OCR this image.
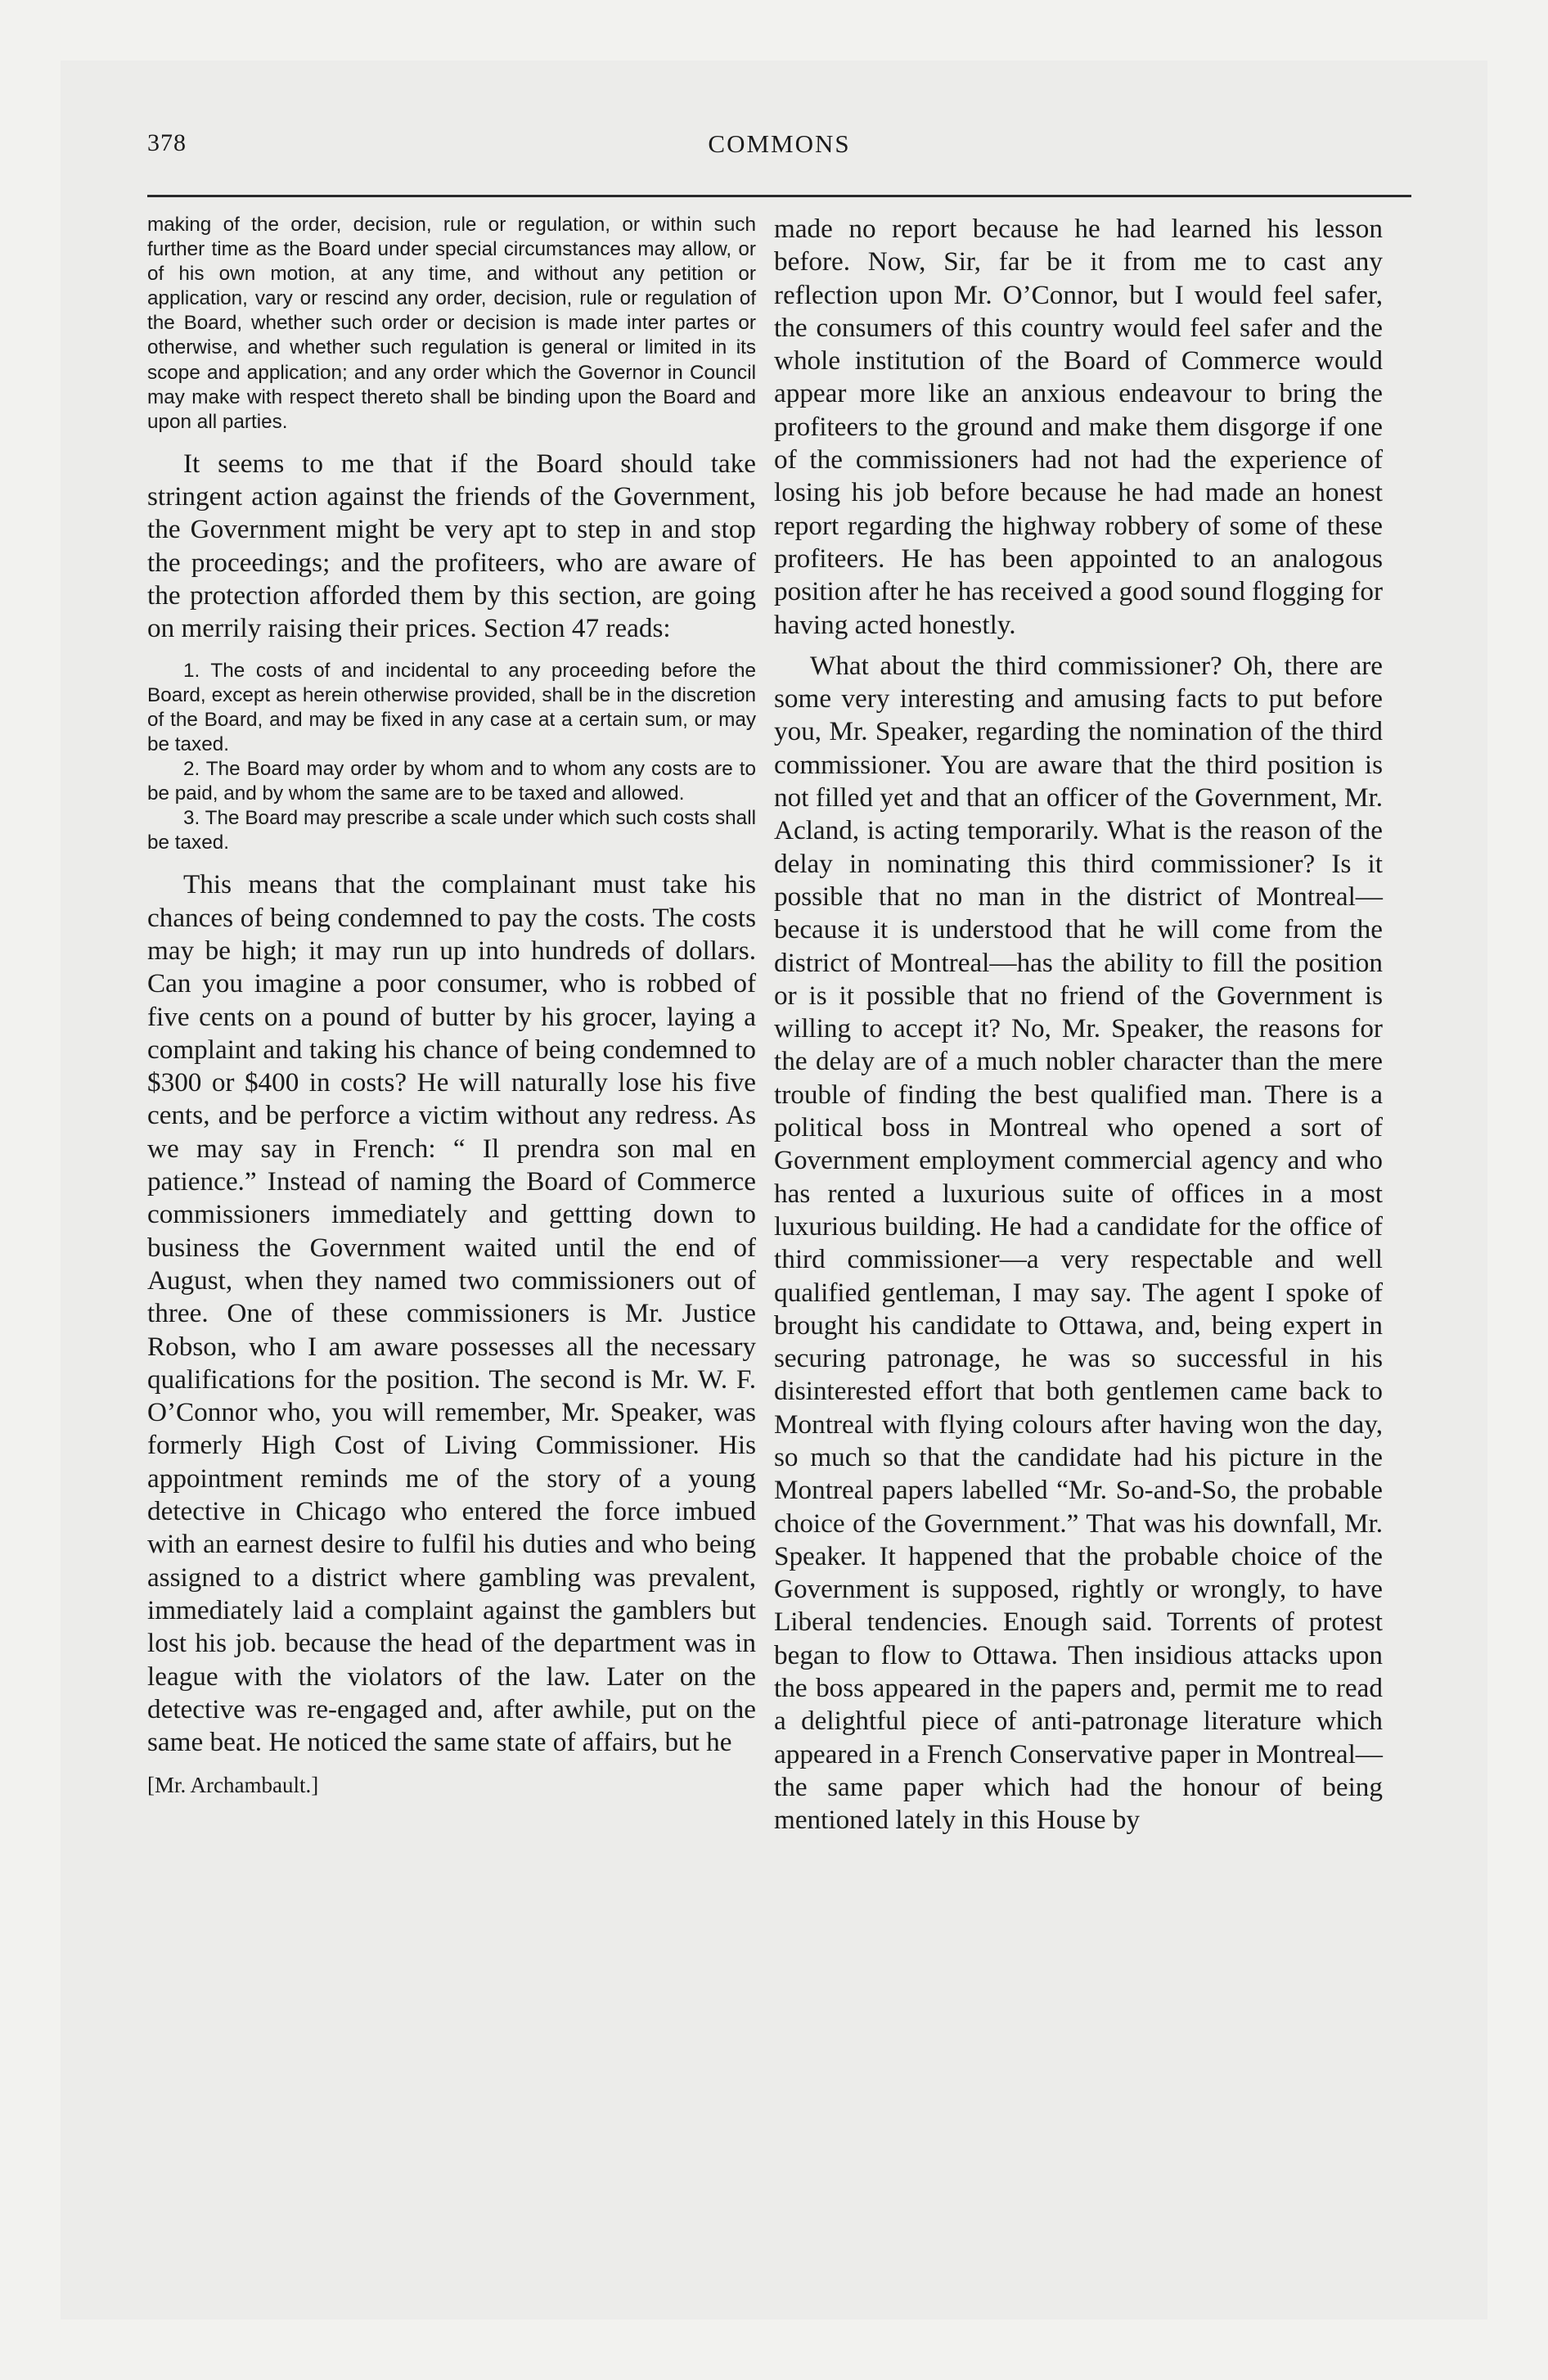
378	COMMONS

making of the order, decision, rule or regulation, or within such further time as the Board under special circumstances may allow, or of his own motion, at any time, and without any petition or application, vary or rescind any order, decision, rule or regulation of the Board, whether such order or decision is made inter partes or otherwise, and whether such regulation is general or limited in its scope and application; and any order which the Governor in Council may make with respect thereto shall be binding upon the Board and upon all parties.

It seems to me that if the Board should take stringent action against the friends of the Government, the Government might be very apt to step in and stop the proceedings; and the profiteers, who are aware of the protection afforded them by this section, are going on merrily raising their prices. Section 47 reads:

1. The costs of and incidental to any proceeding before the Board, except as herein otherwise provided, shall be in the discretion of the Board, and may be fixed in any case at a certain sum, or may be taxed.

2. The Board may order by whom and to whom any costs are to be paid, and by whom the same are to be taxed and allowed.

3. The Board may prescribe a scale under which such costs shall be taxed.

This means that the complainant must take his chances of being condemned to pay the costs. The costs may be high; it may run up into hundreds of dollars. Can you imagine a poor consumer, who is robbed of five cents on a pound of butter by his grocer, laying a complaint and taking his chance of being condemned to $300 or $400 in costs? He will naturally lose his five cents, and be perforce a victim without any redress. As we may say in French: “ Il prendra son mal en patience.” Instead of naming the Board of Commerce commissioners immediately and gettting down to business the Government waited until the end of August, when they named two commissioners out of three. One of these commissioners is Mr. Justice Robson, who I am aware possesses all the necessary qualifications for the position. The second is Mr. W. F. O’Connor who, you will remember, Mr. Speaker, was formerly High Cost of Living Commissioner. His appointment reminds me of the story of a young detective in Chicago who entered the force imbued with an earnest desire to fulfil his duties and who being assigned to a district where gambling was prevalent, immediately laid a complaint against the gamblers but lost his job. because the head of the department was in league with the violators of the law. Later on the detective was re-engaged and, after awhile, put on the same beat. He noticed the same state of affairs, but he

[Mr. Archambault.]

made no report because he had learned his lesson before. Now, Sir, far be it from me to cast any reflection upon Mr. O’Connor, but I would feel safer, the consumers of this country would feel safer and the whole institution of the Board of Commerce would appear more like an anxious endeavour to bring the profiteers to the ground and make them disgorge if one of the commissioners had not had the experience of losing his job before because he had made an honest report regarding the highway robbery of some of these profiteers. He has been appointed to an analogous position after he has received a good sound flogging for having acted honestly.

What about the third commissioner? Oh, there are some very interesting and amusing facts to put before you, Mr. Speaker, regarding the nomination of the third commissioner. You are aware that the third position is not filled yet and that an officer of the Government, Mr. Acland, is acting temporarily. What is the reason of the delay in nominating this third commissioner? Is it possible that no man in the district of Montreal—because it is understood that he will come from the district of Montreal—has the ability to fill the position or is it possible that no friend of the Government is willing to accept it? No, Mr. Speaker, the reasons for the delay are of a much nobler character than the mere trouble of finding the best qualified man. There is a political boss in Montreal who opened a sort of Government employment commercial agency and who has rented a luxurious suite of offices in a most luxurious building. He had a candidate for the office of third commissioner—a very respectable and well qualified gentleman, I may say. The agent I spoke of brought his candidate to Ottawa, and, being expert in securing patronage, he was so successful in his disinterested effort that both gentlemen came back to Montreal with flying colours after having won the day, so much so that the candidate had his picture in the Montreal papers labelled “Mr. So-and-So, the probable choice of the Government.” That was his downfall, Mr. Speaker. It happened that the probable choice of the Government is supposed, rightly or wrongly, to have Liberal tendencies. Enough said. Torrents of protest began to flow to Ottawa. Then insidious attacks upon the boss appeared in the papers and, permit me to read a delightful piece of anti-patronage literature which appeared in a French Conservative paper in Montreal—the same paper which had the honour of being mentioned lately in this House by
